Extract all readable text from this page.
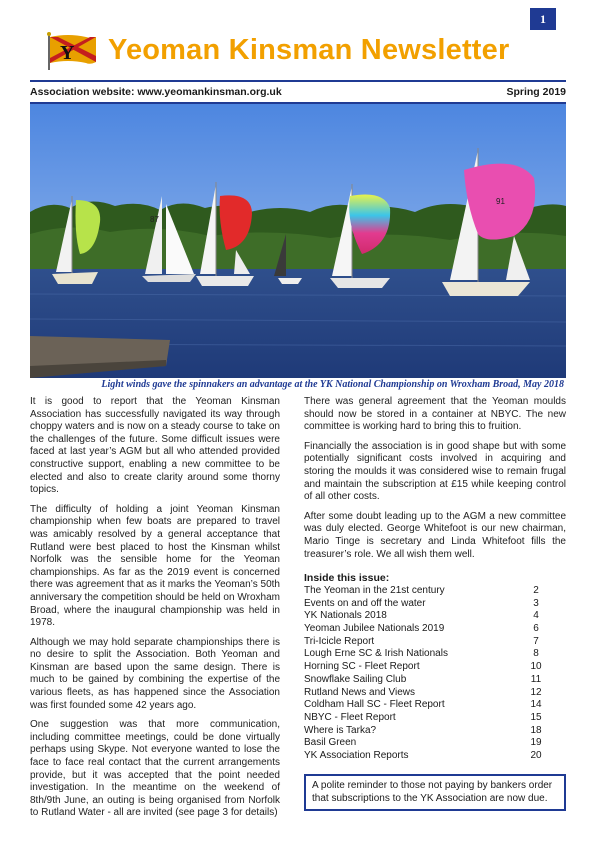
1
Y Yeoman Kinsman Newsletter
Association website: www.yeomankinsman.org.uk	Spring 2019
87
91
Light winds gave the spinnakers an advantage at the YK National Championship on Wroxham Broad, May 2018

It is good to report that the Yeoman Kinsman Association has successfully navigated its way through choppy waters and is now on a steady course to take on the challenges of the future. Some difficult issues were faced at last year’s AGM but all who attended provided constructive support, enabling a new committee to be elected and also to create clarity around some thorny topics.

The difficulty of holding a joint Yeoman Kinsman championship when few boats are prepared to travel was amicably resolved by a general acceptance that Rutland were best placed to host the Kinsman whilst Norfolk was the sensible home for the Yeoman championships. As far as the 2019 event is concerned there was agreement that as it marks the Yeoman’s 50th anniversary the competition should be held on Wroxham Broad, where the inaugural championship was held in 1978.

Although we may hold separate championships there is no desire to split the Association. Both Yeoman and Kinsman are based upon the same design. There is much to be gained by combining the expertise of the various fleets, as has happened since the Association was first founded some 42 years ago.

One suggestion was that more communication, including committee meetings, could be done virtually perhaps using Skype. Not everyone wanted to lose the face to face real contact that the current arrangements provide, but it was accepted that the point needed investigation. In the meantime on the weekend of 8th/9th June, an outing is being organised from Norfolk to Rutland Water - all are invited (see page 3 for details)

There was general agreement that the Yeoman moulds should now be stored in a container at NBYC. The new committee is working hard to bring this to fruition.

Financially the association is in good shape but with some potentially significant costs involved in acquiring and storing the moulds it was considered wise to remain frugal and maintain the subscription at £15 while keeping control of all other costs.

After some doubt leading up to the AGM a new committee was duly elected. George Whitefoot is our new chairman, Mario Tinge is secretary and Linda Whitefoot fills the treasurer’s role. We all wish them well.

Inside this issue:
The Yeoman in the 21st century	2
Events on and off the water	3
YK Nationals 2018	4
Yeoman Jubilee Nationals 2019	6
Tri-Icicle Report	7
Lough Erne SC & Irish Nationals	8
Horning SC - Fleet Report	10
Snowflake Sailing Club	11
Rutland News and Views	12
Coldham Hall SC - Fleet Report	14
NBYC - Fleet Report	15
Where is Tarka?	18
Basil Green	19
YK Association Reports	20
A polite reminder to those not paying by bankers order that subscriptions to the YK Association are now due.
